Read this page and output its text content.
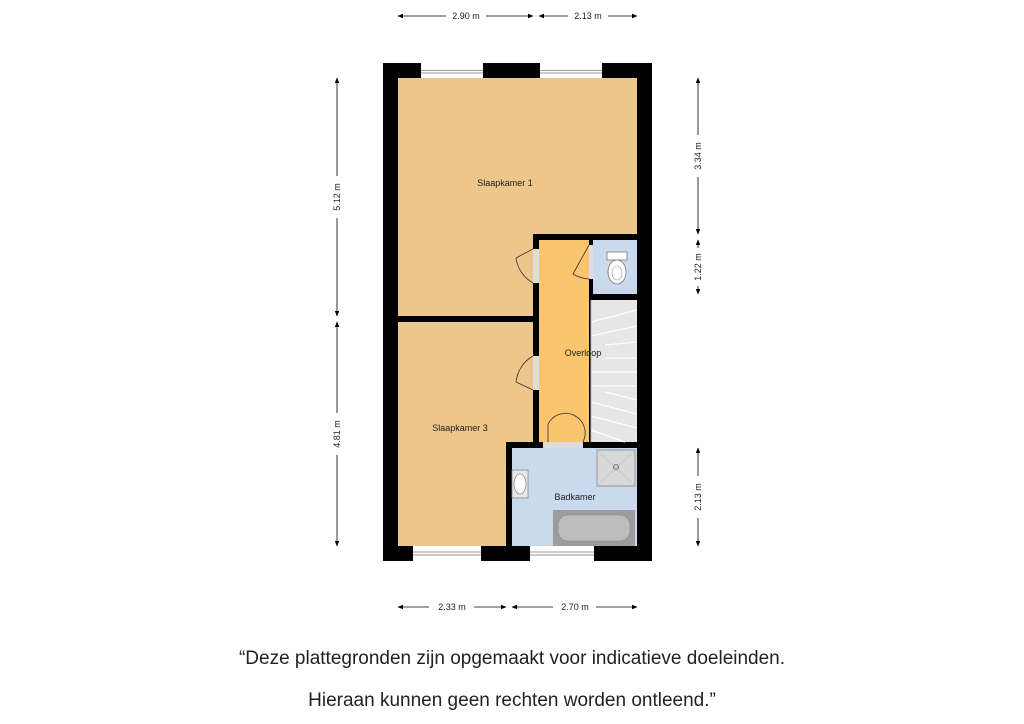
Slaapkamer 1
Slaapkamer 3
Overloop
Badkamer
2.90 m	2.13 m
2.33 m	2.70 m
5.12 m
4.81 m
3.34 m
1.22 m
2.13 m
“Deze plattegronden zijn opgemaakt voor indicatieve doeleinden.
Hieraan kunnen geen rechten worden ontleend.”
